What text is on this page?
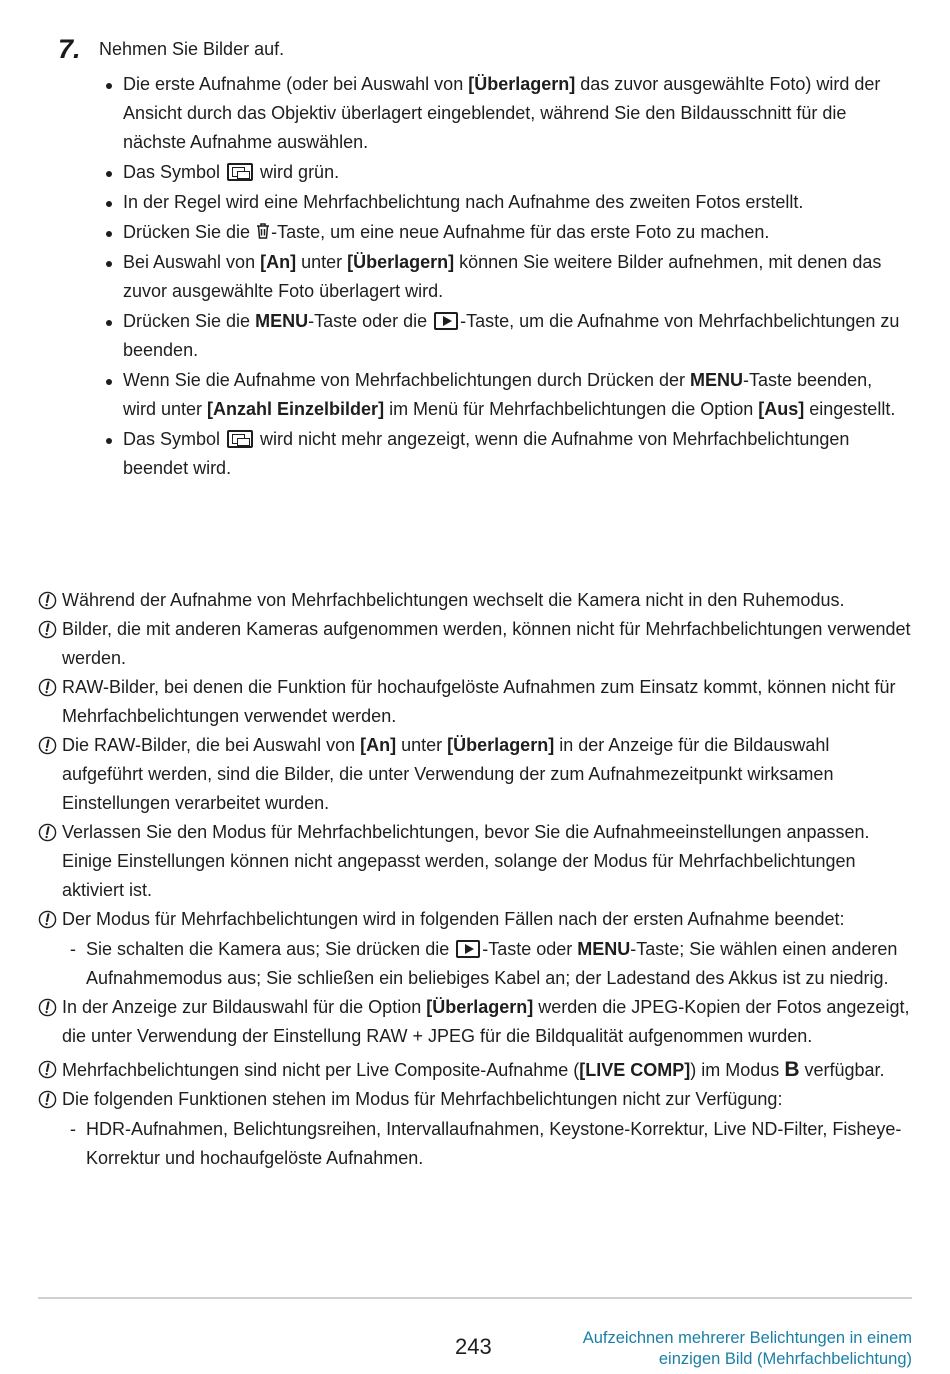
7. Nehmen Sie Bilder auf.
Die erste Aufnahme (oder bei Auswahl von [Überlagern] das zuvor ausgewählte Foto) wird der Ansicht durch das Objektiv überlagert eingeblendet, während Sie den Bildausschnitt für die nächste Aufnahme auswählen.
Das Symbol  wird grün.
In der Regel wird eine Mehrfachbelichtung nach Aufnahme des zweiten Fotos erstellt.
Drücken Sie die -Taste, um eine neue Aufnahme für das erste Foto zu machen.
Bei Auswahl von [An] unter [Überlagern] können Sie weitere Bilder aufnehmen, mit denen das zuvor ausgewählte Foto überlagert wird.
Drücken Sie die MENU-Taste oder die -Taste, um die Aufnahme von Mehrfachbelichtungen zu beenden.
Wenn Sie die Aufnahme von Mehrfachbelichtungen durch Drücken der MENU-Taste beenden, wird unter [Anzahl Einzelbilder] im Menü für Mehrfachbelichtungen die Option [Aus] eingestellt.
Das Symbol  wird nicht mehr angezeigt, wenn die Aufnahme von Mehrfachbelichtungen beendet wird.
Während der Aufnahme von Mehrfachbelichtungen wechselt die Kamera nicht in den Ruhemodus.
Bilder, die mit anderen Kameras aufgenommen werden, können nicht für Mehrfachbelichtungen verwendet werden.
RAW-Bilder, bei denen die Funktion für hochaufgelöste Aufnahmen zum Einsatz kommt, können nicht für Mehrfachbelichtungen verwendet werden.
Die RAW-Bilder, die bei Auswahl von [An] unter [Überlagern] in der Anzeige für die Bildauswahl aufgeführt werden, sind die Bilder, die unter Verwendung der zum Aufnahmezeitpunkt wirksamen Einstellungen verarbeitet wurden.
Verlassen Sie den Modus für Mehrfachbelichtungen, bevor Sie die Aufnahmeeinstellungen anpassen. Einige Einstellungen können nicht angepasst werden, solange der Modus für Mehrfachbelichtungen aktiviert ist.
Der Modus für Mehrfachbelichtungen wird in folgenden Fällen nach der ersten Aufnahme beendet:
- Sie schalten die Kamera aus; Sie drücken die -Taste oder MENU-Taste; Sie wählen einen anderen Aufnahmemodus aus; Sie schließen ein beliebiges Kabel an; der Ladestand des Akkus ist zu niedrig.
In der Anzeige zur Bildauswahl für die Option [Überlagern] werden die JPEG-Kopien der Fotos angezeigt, die unter Verwendung der Einstellung RAW + JPEG für die Bildqualität aufgenommen wurden.
Mehrfachbelichtungen sind nicht per Live Composite-Aufnahme ([LIVE COMP]) im Modus B verfügbar.
Die folgenden Funktionen stehen im Modus für Mehrfachbelichtungen nicht zur Verfügung:
- HDR-Aufnahmen, Belichtungsreihen, Intervallaufnahmen, Keystone-Korrektur, Live ND-Filter, Fisheye-Korrektur und hochaufgelöste Aufnahmen.
243	Aufzeichnen mehrerer Belichtungen in einem
einzigen Bild (Mehrfachbelichtung)
